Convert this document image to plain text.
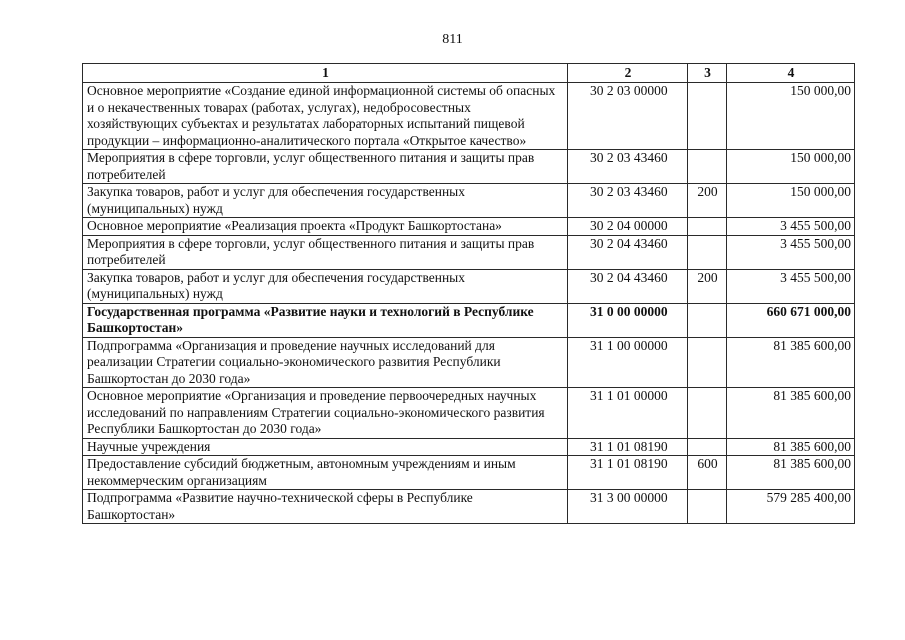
811
1	2	3	4
Основное мероприятие «Создание единой информационной системы об опасных и о некачественных товарах (работах, услугах), недобросовестных хозяйствующих субъектах и результатах лабораторных испытаний пищевой продукции – информационно-аналитического портала «Открытое качество»	30 2 03 00000		150 000,00
Мероприятия в сфере торговли, услуг общественного питания и защиты прав потребителей	30 2 03 43460		150 000,00
Закупка товаров, работ и услуг для обеспечения государственных (муниципальных) нужд	30 2 03 43460	200	150 000,00
Основное мероприятие «Реализация проекта «Продукт Башкортостана»	30 2 04 00000		3 455 500,00
Мероприятия в сфере торговли, услуг общественного питания и защиты прав потребителей	30 2 04 43460		3 455 500,00
Закупка товаров, работ и услуг для обеспечения государственных (муниципальных) нужд	30 2 04 43460	200	3 455 500,00
Государственная программа «Развитие науки и технологий в Республике Башкортостан»	31 0 00 00000		660 671 000,00
Подпрограмма «Организация и проведение научных исследований для реализации Стратегии социально-экономического развития Республики Башкортостан до 2030 года»	31 1 00 00000		81 385 600,00
Основное мероприятие «Организация и проведение первоочередных научных исследований по направлениям Стратегии социально-экономического развития Республики Башкортостан до 2030 года»	31 1 01 00000		81 385 600,00
Научные учреждения	31 1 01 08190		81 385 600,00
Предоставление субсидий бюджетным, автономным учреждениям и иным некоммерческим организациям	31 1 01 08190	600	81 385 600,00
Подпрограмма «Развитие научно-технической сферы в Республике Башкортостан»	31 3 00 00000		579 285 400,00
